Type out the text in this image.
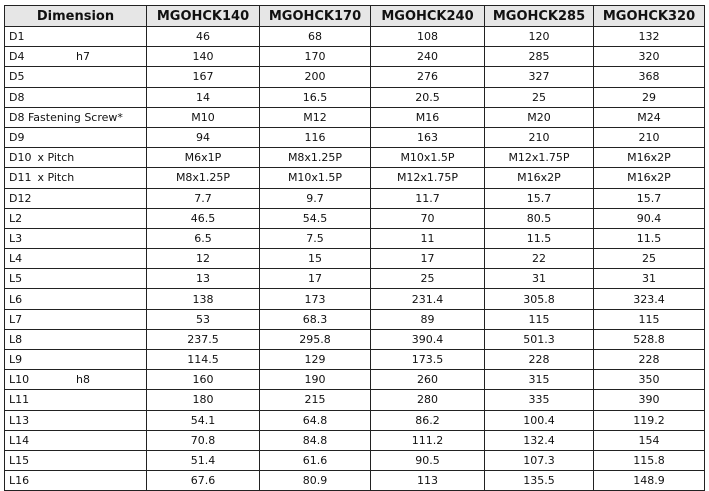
Dimension	MGOHCK140	MGOHCK170	MGOHCK240	MGOHCK285	MGOHCK320
D1	46	68	108	120	132
D4 h7	140	170	240	285	320
D5	167	200	276	327	368
D8	14	16.5	20.5	25	29
D8 Fastening Screw*	M10	M12	M16	M20	M24
D9	94	116	163	210	210
D10 x Pitch	M6x1P	M8x1.25P	M10x1.5P	M12x1.75P	M16x2P
D11 x Pitch	M8x1.25P	M10x1.5P	M12x1.75P	M16x2P	M16x2P
D12	7.7	9.7	11.7	15.7	15.7
L2	46.5	54.5	70	80.5	90.4
L3	6.5	7.5	11	11.5	11.5
L4	12	15	17	22	25
L5	13	17	25	31	31
L6	138	173	231.4	305.8	323.4
L7	53	68.3	89	115	115
L8	237.5	295.8	390.4	501.3	528.8
L9	114.5	129	173.5	228	228
L10 h8	160	190	260	315	350
L11	180	215	280	335	390
L13	54.1	64.8	86.2	100.4	119.2
L14	70.8	84.8	111.2	132.4	154
L15	51.4	61.6	90.5	107.3	115.8
L16	67.6	80.9	113	135.5	148.9
